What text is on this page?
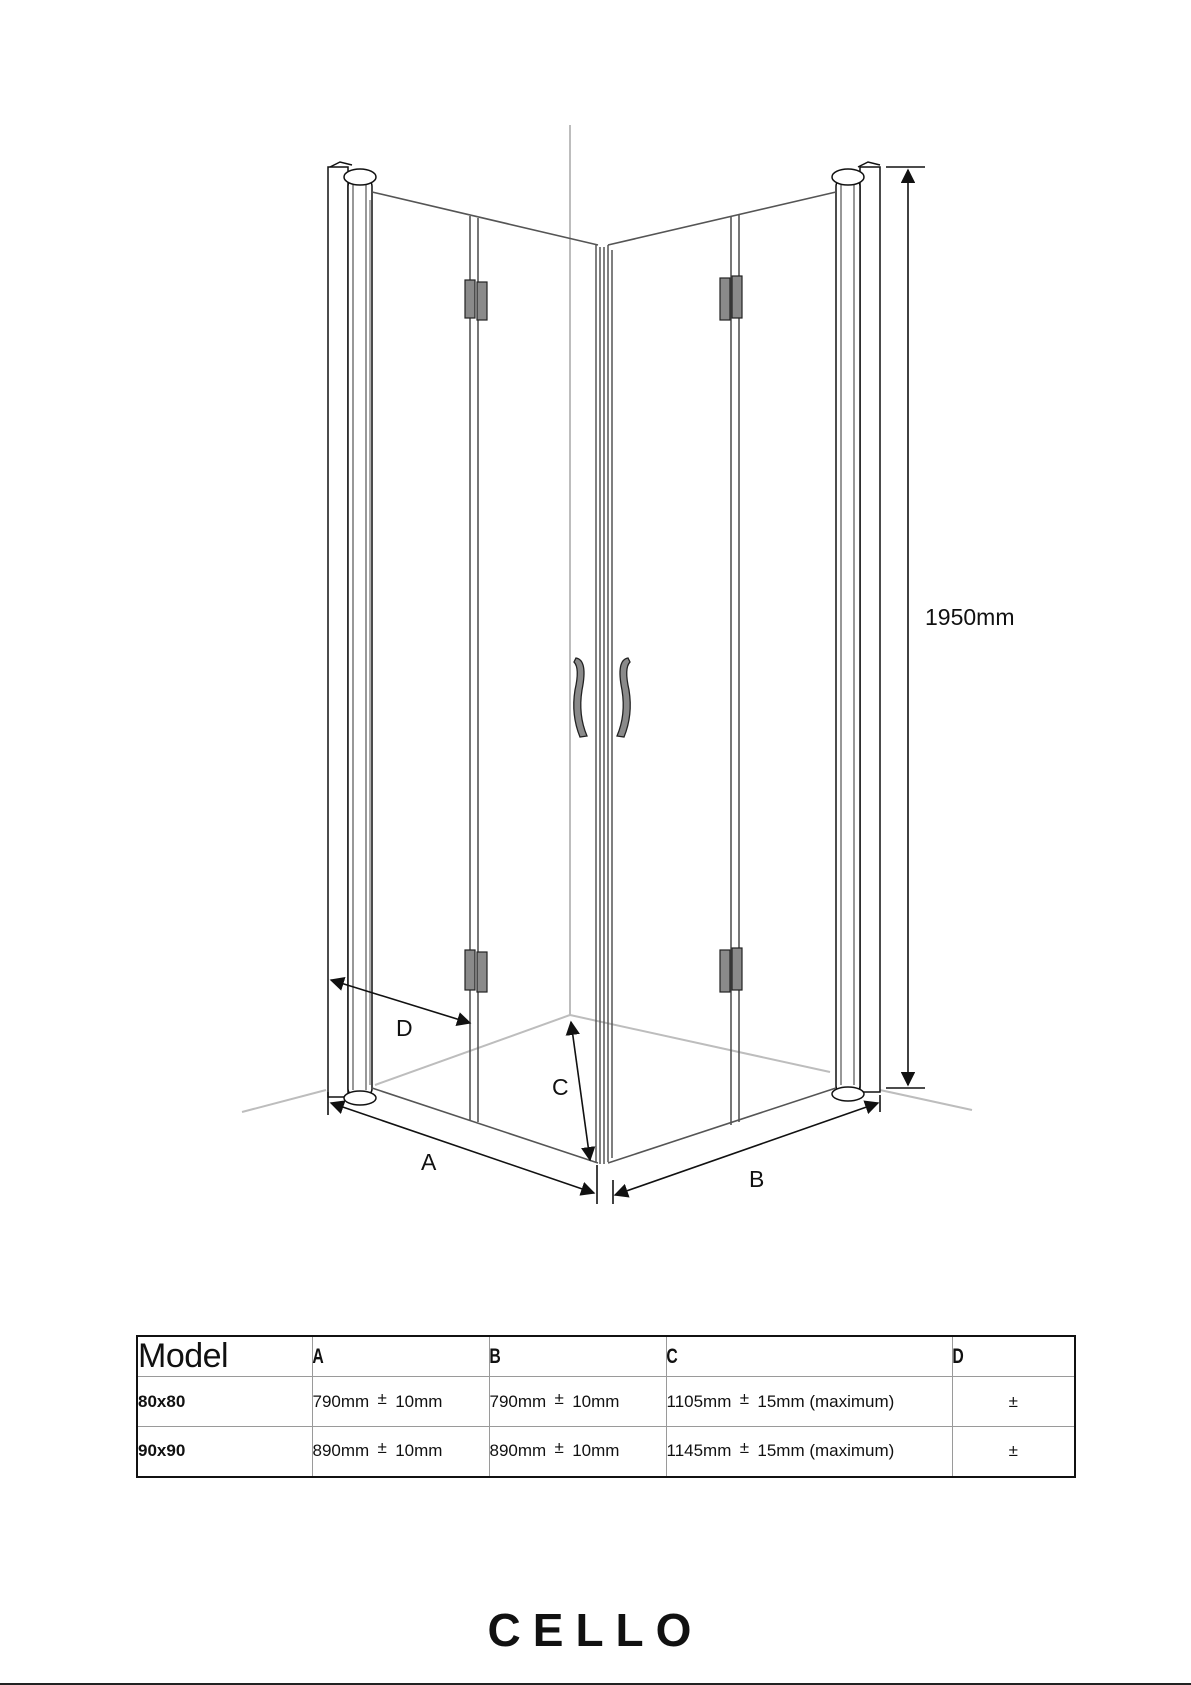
1950mm
A
B
C
D
Model	A	B	C	D
80x80	790mm ± 10mm	790mm ± 10mm	1105mm ± 15mm (maximum)	±
90x90	890mm ± 10mm	890mm ± 10mm	1145mm ± 15mm (maximum)	±
CELLO
